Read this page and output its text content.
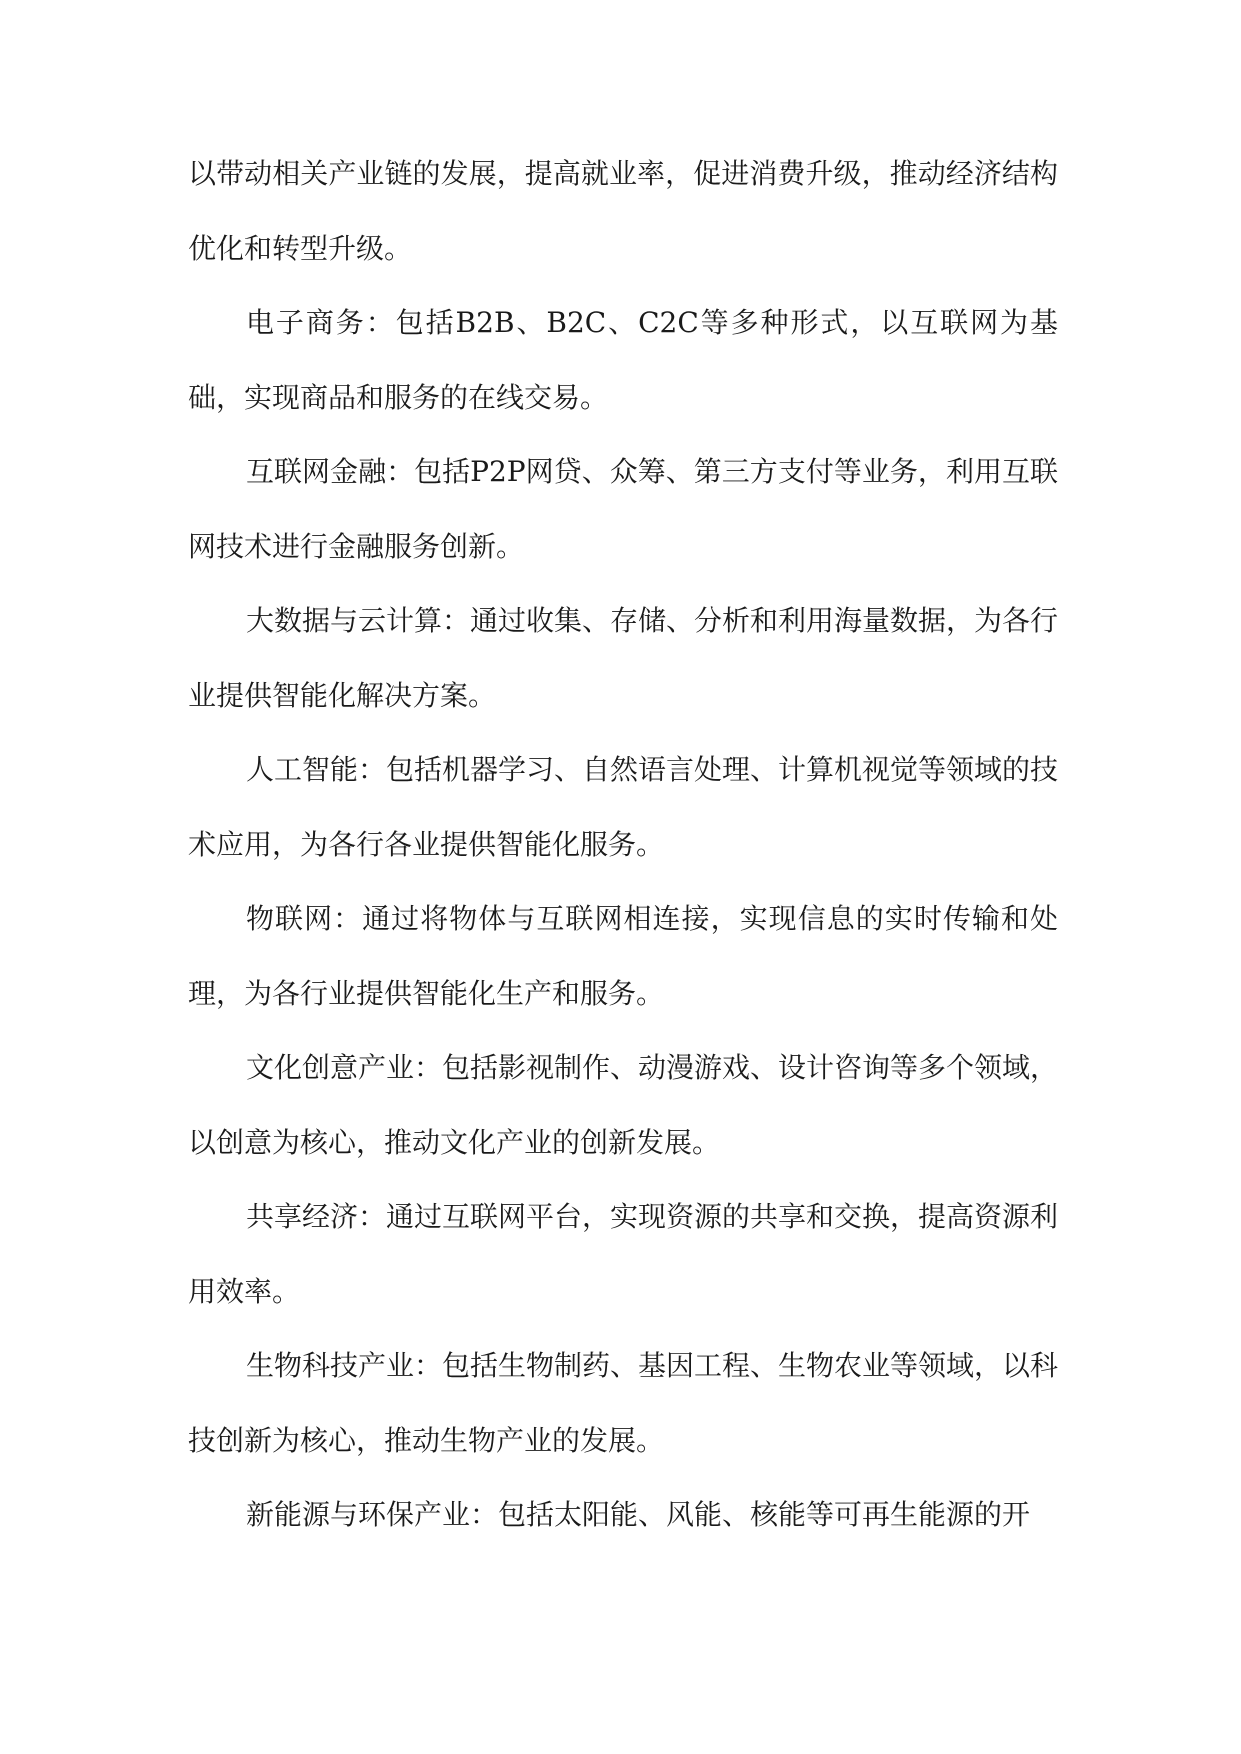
以带动相关产业链的发展，提高就业率，促进消费升级，推动经济结构优化和转型升级。

电子商务：包括B2B、B2C、C2C等多种形式，以互联网为基础，实现商品和服务的在线交易。

互联网金融：包括P2P网贷、众筹、第三方支付等业务，利用互联网技术进行金融服务创新。

大数据与云计算：通过收集、存储、分析和利用海量数据，为各行业提供智能化解决方案。

人工智能：包括机器学习、自然语言处理、计算机视觉等领域的技术应用，为各行各业提供智能化服务。

物联网：通过将物体与互联网相连接，实现信息的实时传输和处理，为各行业提供智能化生产和服务。

文化创意产业：包括影视制作、动漫游戏、设计咨询等多个领域，以创意为核心，推动文化产业的创新发展。

共享经济：通过互联网平台，实现资源的共享和交换，提高资源利用效率。

生物科技产业：包括生物制药、基因工程、生物农业等领域，以科技创新为核心，推动生物产业的发展。

新能源与环保产业：包括太阳能、风能、核能等可再生能源的开
